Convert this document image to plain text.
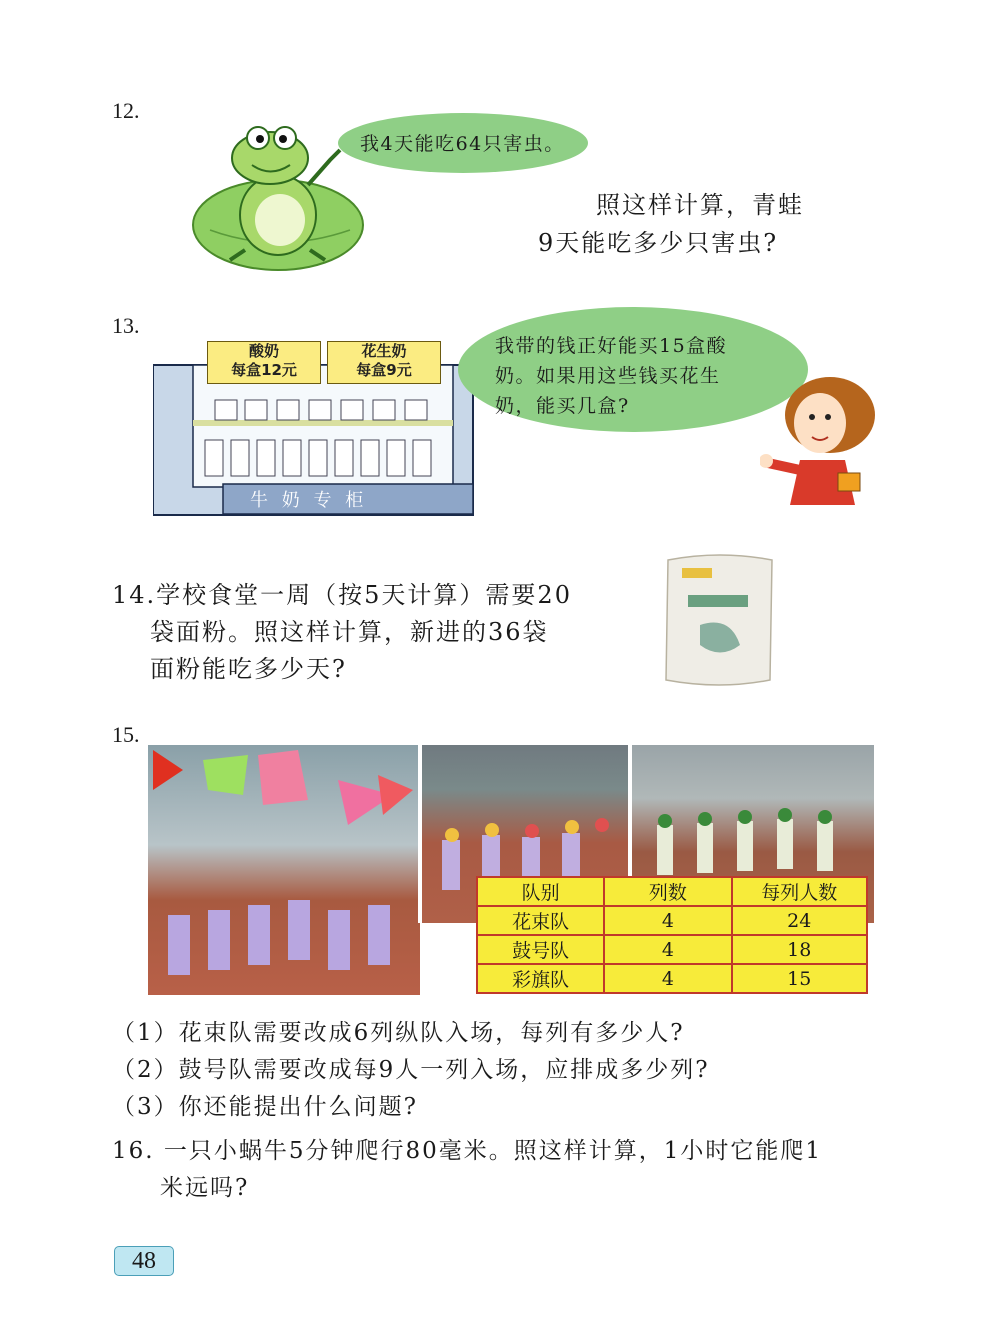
12.
我4天能吃64只害虫。
照这样计算，青蛙
9天能吃多少只害虫?
13.
牛 奶 专 柜
酸奶
每盒12元
花生奶
每盒9元
我带的钱正好能买15盒酸
奶。如果用这些钱买花生
奶，能买几盒?
14.学校食堂一周（按5天计算）需要20
袋面粉。照这样计算，新进的36袋
面粉能吃多少天?
15.
队别	列数	每列人数
花束队	4	24
鼓号队	4	18
彩旗队	4	15
（1）花束队需要改成6列纵队入场，每列有多少人?
（2）鼓号队需要改成每9人一列入场，应排成多少列?
（3）你还能提出什么问题?
16. 一只小蜗牛5分钟爬行80毫米。照这样计算，1小时它能爬1
米远吗?
48
